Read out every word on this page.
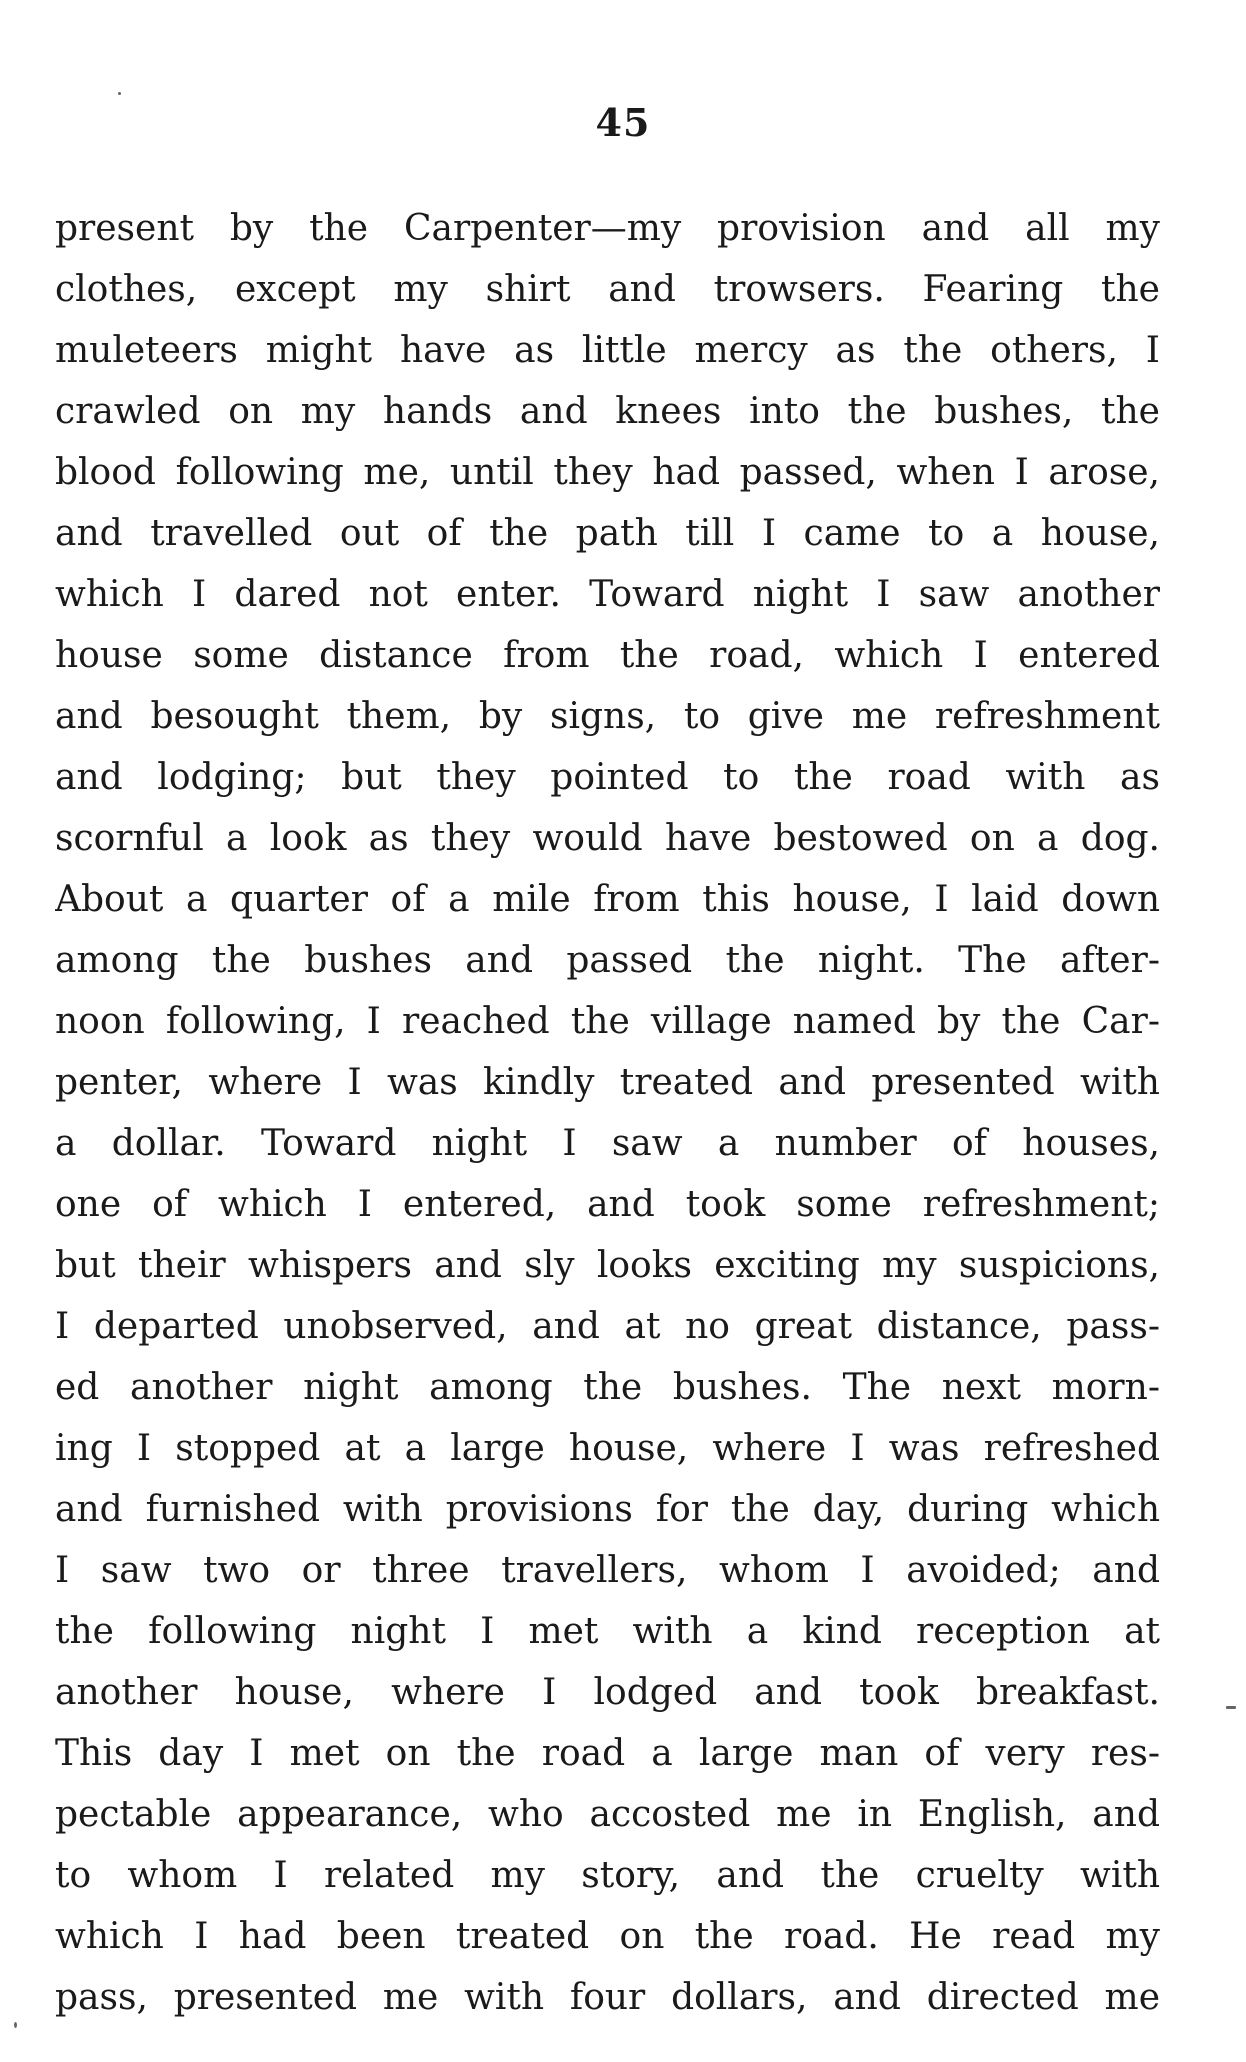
45
present by the Carpenter—my provision and all my
clothes, except my shirt and trowsers. Fearing the
muleteers might have as little mercy as the others, I
crawled on my hands and knees into the bushes, the
blood following me, until they had passed, when I arose,
and travelled out of the path till I came to a house,
which I dared not enter. Toward night I saw another
house some distance from the road, which I entered
and besought them, by signs, to give me refreshment
and lodging; but they pointed to the road with as
scornful a look as they would have bestowed on a dog.
About a quarter of a mile from this house, I laid down
among the bushes and passed the night. The after-
noon following, I reached the village named by the Car-
penter, where I was kindly treated and presented with
a dollar. Toward night I saw a number of houses,
one of which I entered, and took some refreshment;
but their whispers and sly looks exciting my suspicions,
I departed unobserved, and at no great distance, pass-
ed another night among the bushes. The next morn-
ing I stopped at a large house, where I was refreshed
and furnished with provisions for the day, during which
I saw two or three travellers, whom I avoided; and
the following night I met with a kind reception at
another house, where I lodged and took breakfast.
This day I met on the road a large man of very res-
pectable appearance, who accosted me in English, and
to whom I related my story, and the cruelty with
which I had been treated on the road. He read my
pass, presented me with four dollars, and directed me
